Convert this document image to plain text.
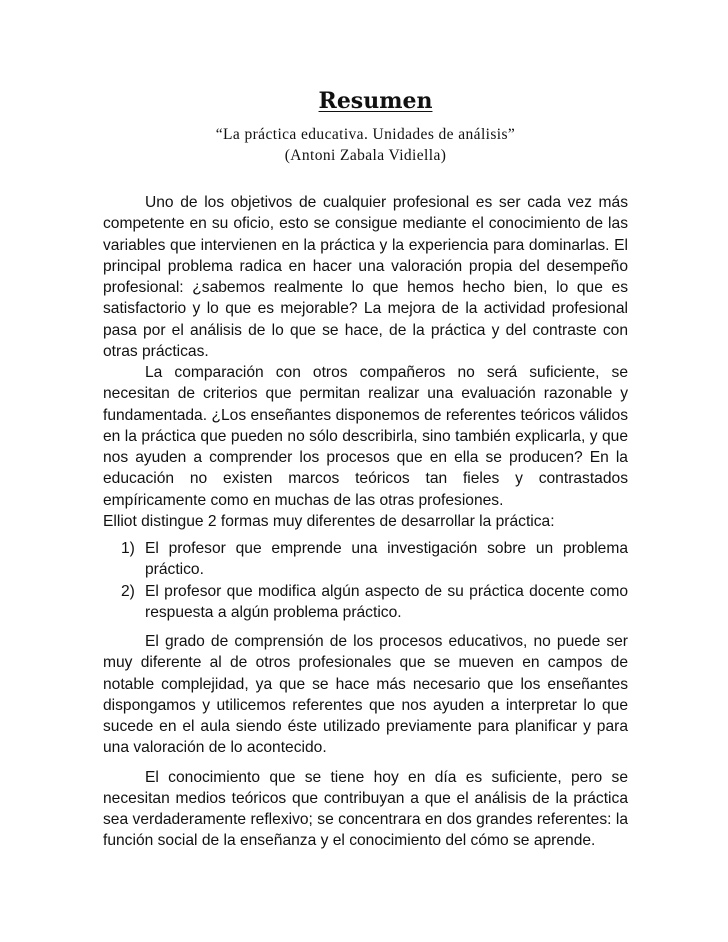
Resumen

“La práctica educativa. Unidades de análisis”

(Antoni Zabala Vidiella)

Uno de los objetivos de cualquier profesional es ser cada vez más competente en su oficio, esto se consigue mediante el conocimiento de las variables que intervienen en la práctica y la experiencia para dominarlas. El principal problema radica en hacer una valoración propia del desempeño profesional: ¿sabemos realmente lo que hemos hecho bien, lo que es satisfactorio y lo que es mejorable? La mejora de la actividad profesional pasa por el análisis de lo que se hace, de la práctica y del contraste con otras prácticas.

La comparación con otros compañeros no será suficiente, se necesitan de criterios que permitan realizar una evaluación razonable y fundamentada. ¿Los enseñantes disponemos de referentes teóricos válidos en la práctica que pueden no sólo describirla, sino también explicarla, y que nos ayuden a comprender los procesos que en ella se producen? En la educación no existen marcos teóricos tan fieles y contrastados empíricamente como en muchas de las otras profesiones.

Elliot distingue 2 formas muy diferentes de desarrollar la práctica:

1) El profesor que emprende una investigación sobre un problema práctico.
2) El profesor que modifica algún aspecto de su práctica docente como respuesta a algún problema práctico.

El grado de comprensión de los procesos educativos, no puede ser muy diferente al de otros profesionales que se mueven en campos de notable complejidad, ya que se hace más necesario que los enseñantes dispongamos y utilicemos referentes que nos ayuden a interpretar lo que sucede en el aula siendo éste utilizado previamente para planificar y para una valoración de lo acontecido.

El conocimiento que se tiene hoy en día es suficiente, pero se necesitan medios teóricos que contribuyan a que el análisis de la práctica sea verdaderamente reflexivo; se concentrara en dos grandes referentes: la función social de la enseñanza y el conocimiento del cómo se aprende.
